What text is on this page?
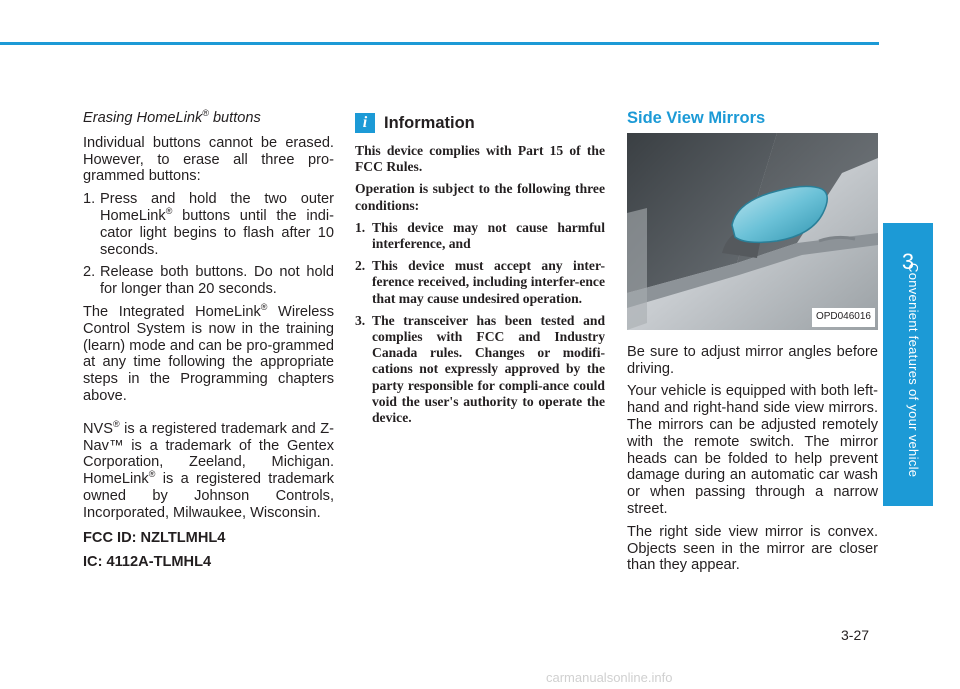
3
Convenient features of your vehicle

Erasing HomeLink® buttons

Individual buttons cannot be erased. However, to erase all three pro-grammed buttons:

1. Press and hold the two outer HomeLink® buttons until the indi-cator light begins to flash after 10 seconds.
2. Release both buttons. Do not hold for longer than 20 seconds.

The Integrated HomeLink® Wireless Control System is now in the training (learn) mode and can be pro-grammed at any time following the appropriate steps in the Programming chapters above.

NVS® is a registered trademark and Z-Nav™ is a trademark of the Gentex Corporation, Zeeland, Michigan. HomeLink® is a registered trademark owned by Johnson Controls, Incorporated, Milwaukee, Wisconsin.

FCC ID: NZLTLMHL4

IC: 4112A-TLMHL4

i	Information

This device complies with Part 15 of the FCC Rules.

Operation is subject to the following three conditions:

1. This device may not cause harmful interference, and
2. This device must accept any inter-ference received, including interfer-ence that may cause undesired operation.
3. The transceiver has been tested and complies with FCC and Industry Canada rules. Changes or modifi-cations not expressly approved by the party responsible for compli-ance could void the user's authority to operate the device.

Side View Mirrors

OPD046016

Be sure to adjust mirror angles before driving.

Your vehicle is equipped with both left-hand and right-hand side view mirrors. The mirrors can be adjusted remotely with the remote switch. The mirror heads can be folded to help prevent damage during an automatic car wash or when passing through a narrow street.

The right side view mirror is convex. Objects seen in the mirror are closer than they appear.

3-27
carmanualsonline.info
